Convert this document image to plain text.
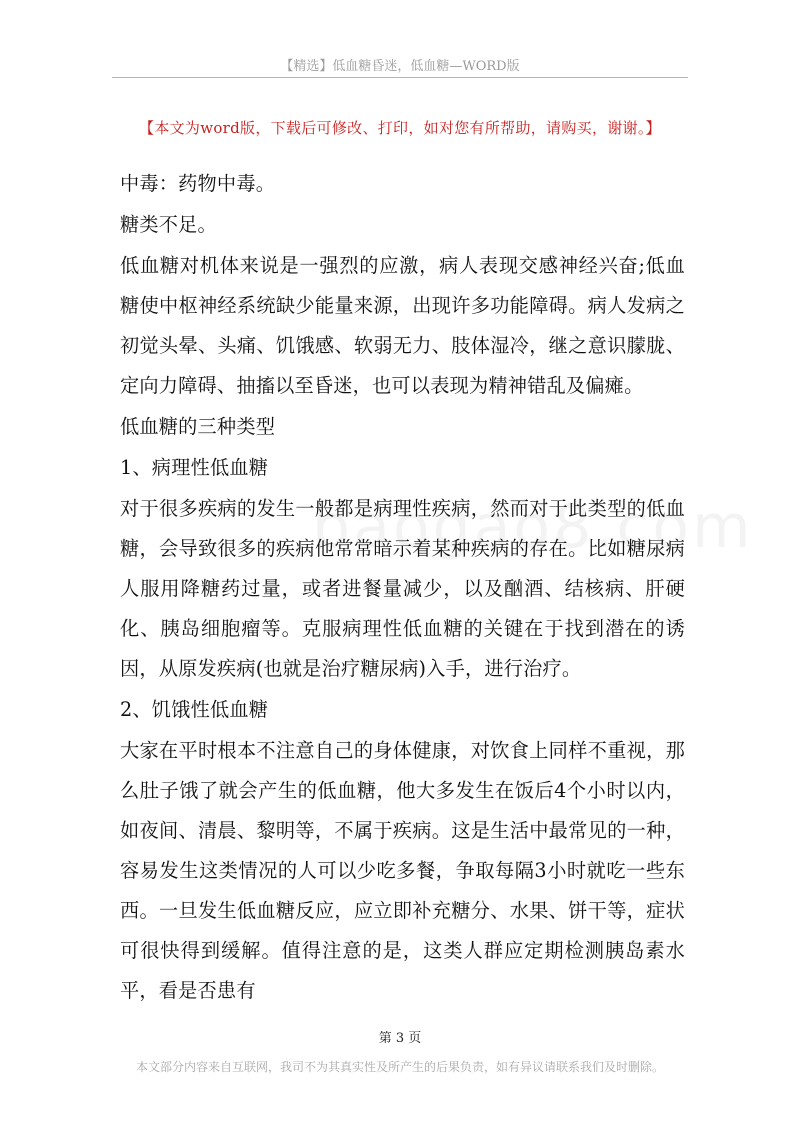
【精选】低血糖昏迷，低血糖—WORD版
【本文为word版，下载后可修改、打印，如对您有所帮助，请购买，谢谢。】

中毒：药物中毒。

糖类不足。

低血糖对机体来说是一强烈的应激，病人表现交感神经兴奋;低血糖使中枢神经系统缺少能量来源，出现许多功能障碍。病人发病之初觉头晕、头痛、饥饿感、软弱无力、肢体湿冷，继之意识朦胧、定向力障碍、抽搐以至昏迷，也可以表现为精神错乱及偏瘫。

低血糖的三种类型

1、病理性低血糖

对于很多疾病的发生一般都是病理性疾病，然而对于此类型的低血糖，会导致很多的疾病他常常暗示着某种疾病的存在。比如糖尿病人服用降糖药过量，或者进餐量减少，以及酗酒、结核病、肝硬化、胰岛细胞瘤等。克服病理性低血糖的关键在于找到潜在的诱因，从原发疾病(也就是治疗糖尿病)入手，进行治疗。

2、饥饿性低血糖

大家在平时根本不注意自己的身体健康，对饮食上同样不重视，那么肚子饿了就会产生的低血糖，他大多发生在饭后4个小时以内，如夜间、清晨、黎明等，不属于疾病。这是生活中最常见的一种，容易发生这类情况的人可以少吃多餐，争取每隔3小时就吃一些东西。一旦发生低血糖反应，应立即补充糖分、水果、饼干等，症状可很快得到缓解。值得注意的是，这类人群应定期检测胰岛素水平，看是否患有

第 3 页
本文部分内容来自互联网，我司不为其真实性及所产生的后果负责，如有异议请联系我们及时删除。
